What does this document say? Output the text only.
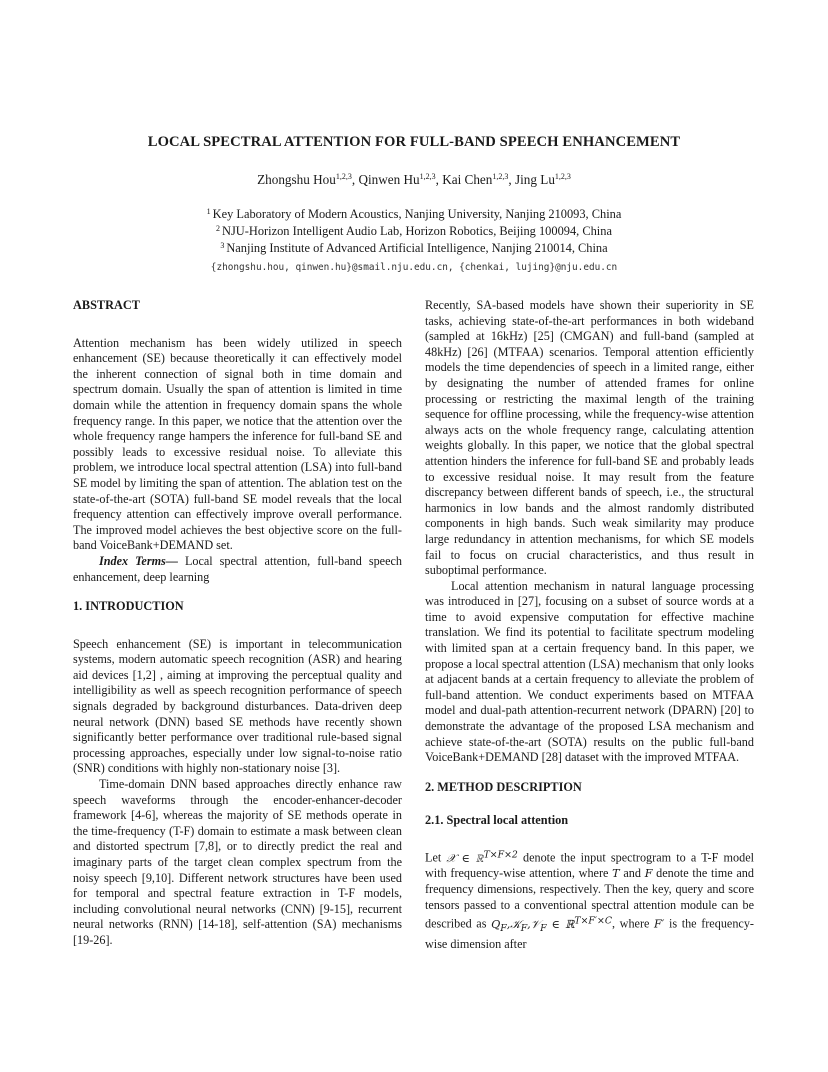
LOCAL SPECTRAL ATTENTION FOR FULL-BAND SPEECH ENHANCEMENT
Zhongshu Hou$^{1,2,3}$, Qinwen Hu$^{1,2,3}$, Kai Chen$^{1,2,3}$, Jing Lu$^{1,2,3}$
$^1$ Key Laboratory of Modern Acoustics, Nanjing University, Nanjing 210093, China
$^2$ NJU-Horizon Intelligent Audio Lab, Horizon Robotics, Beijing 100094, China
$^3$ Nanjing Institute of Advanced Artificial Intelligence, Nanjing 210014, China
{zhongshu.hou, qinwen.hu}@smail.nju.edu.cn, {chenkai, lujing}@nju.edu.cn

ABSTRACT

Attention mechanism has been widely utilized in speech enhancement (SE) because theoretically it can effectively model the inherent connection of signal both in time domain and spectrum domain. Usually the span of attention is limited in time domain while the attention in frequency domain spans the whole frequency range. In this paper, we notice that the attention over the whole frequency range hampers the inference for full-band SE and possibly leads to excessive residual noise. To alleviate this problem, we introduce local spectral attention (LSA) into full-band SE model by limiting the span of attention. The ablation test on the state-of-the-art (SOTA) full-band SE model reveals that the local frequency attention can effectively improve overall performance. The improved model achieves the best objective score on the full-band VoiceBank+DEMAND set.

Index Terms— Local spectral attention, full-band speech enhancement, deep learning

1. INTRODUCTION

Speech enhancement (SE) is important in telecommunication systems, modern automatic speech recognition (ASR) and hearing aid devices [1,2] , aiming at improving the perceptual quality and intelligibility as well as speech recognition performance of speech signals degraded by background disturbances. Data-driven deep neural network (DNN) based SE methods have recently shown significantly better performance over traditional rule-based signal processing approaches, especially under low signal-to-noise ratio (SNR) conditions with highly non-stationary noise [3].

Time-domain DNN based approaches directly enhance raw speech waveforms through the encoder-enhancer-decoder framework [4-6], whereas the majority of SE methods operate in the time-frequency (T-F) domain to estimate a mask between clean and distorted spectrum [7,8], or to directly predict the real and imaginary parts of the target clean complex spectrum from the noisy speech [9,10]. Different network structures have been used for temporal and spectral feature extraction in T-F models, including convolutional neural networks (CNN) [9-15], recurrent neural networks (RNN) [14-18], self-attention (SA) mechanisms [19-26].

Recently, SA-based models have shown their superiority in SE tasks, achieving state-of-the-art performances in both wideband (sampled at 16kHz) [25] (CMGAN) and full-band (sampled at 48kHz) [26] (MTFAA) scenarios. Temporal attention efficiently models the time dependencies of speech in a limited range, either by designating the number of attended frames for online processing or restricting the maximal length of the training sequence for offline processing, while the frequency-wise attention always acts on the whole frequency range, calculating attention weights globally. In this paper, we notice that the global spectral attention hinders the inference for full-band SE and probably leads to excessive residual noise. It may result from the feature discrepancy between different bands of speech, i.e., the structural harmonics in low bands and the almost randomly distributed components in high bands. Such weak similarity may produce large redundancy in attention mechanisms, for which SE models fail to focus on crucial characteristics, and thus result in suboptimal performance.

Local attention mechanism in natural language processing was introduced in [27], focusing on a subset of source words at a time to avoid expensive computation for effective machine translation. We find its potential to facilitate spectrum modeling with limited span at a certain frequency band. In this paper, we propose a local spectral attention (LSA) mechanism that only looks at adjacent bands at a certain frequency to alleviate the problem of full-band attention. We conduct experiments based on MTFAA model and dual-path attention-recurrent network (DPARN) [20] to demonstrate the advantage of the proposed LSA mechanism and achieve state-of-the-art (SOTA) results on the public full-band VoiceBank+DEMAND [28] dataset with the improved MTFAA.

2. METHOD DESCRIPTION

2.1. Spectral local attention

Let 𝒳 ∈ ℝ$^{T\times F\times 2}$ denote the input spectrogram to a T-F model with frequency-wise attention, where T and F denote the time and frequency dimensions, respectively. Then the key, query and score tensors passed to a conventional spectral attention module can be described as $Q_F,𝒦_F,𝒱_F$ ∈ ℝ$^{T\times F'\times C}$, where F′ is the frequency-wise dimension after
